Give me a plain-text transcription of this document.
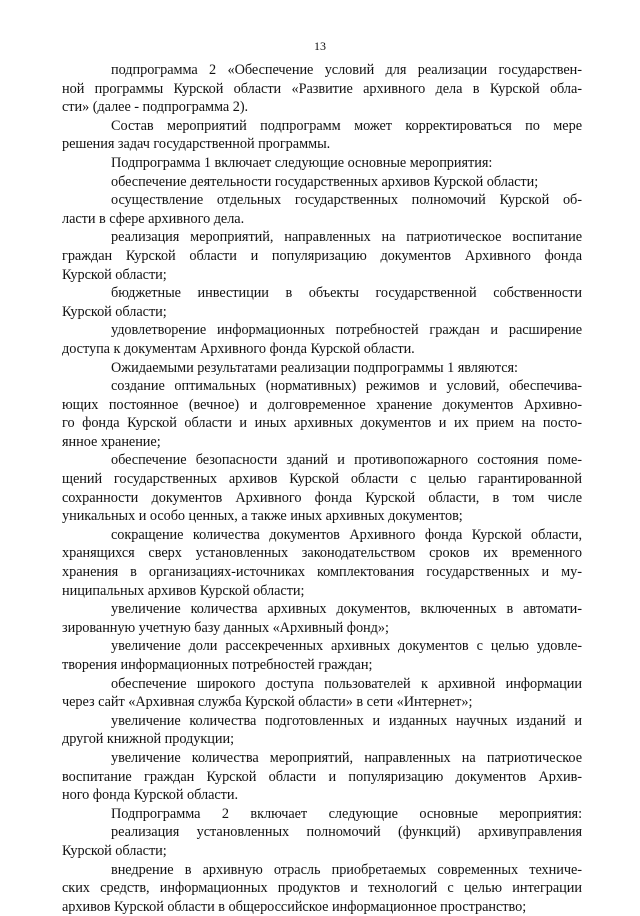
13
подпрограмма 2 «Обеспечение условий для реализации государствен-
ной программы Курской области «Развитие архивного дела в Курской обла-
сти» (далее - подпрограмма 2).
Состав мероприятий подпрограмм может корректироваться по мере
решения задач государственной программы.
Подпрограмма 1 включает следующие основные мероприятия:
обеспечение деятельности государственных архивов Курской области;
осуществление отдельных государственных полномочий Курской об-
ласти в сфере архивного дела.
реализация мероприятий, направленных на патриотическое воспитание
граждан Курской области и популяризацию документов Архивного фонда
Курской области;
бюджетные инвестиции в объекты государственной собственности
Курской области;
удовлетворение информационных потребностей граждан и расширение
доступа к документам Архивного фонда Курской области.
Ожидаемыми результатами реализации подпрограммы 1 являются:
создание оптимальных (нормативных) режимов и условий, обеспечива-
ющих постоянное (вечное) и долговременное хранение документов Архивно-
го фонда Курской области и иных архивных документов и их прием на посто-
янное хранение;
обеспечение безопасности зданий и противопожарного состояния поме-
щений государственных архивов Курской области с целью гарантированной
сохранности документов Архивного фонда Курской области, в том числе
уникальных и особо ценных, а также иных архивных документов;
сокращение количества документов Архивного фонда Курской области,
хранящихся сверх установленных законодательством сроков их временного
хранения в организациях-источниках комплектования государственных и му-
ниципальных архивов Курской области;
увеличение количества архивных документов, включенных в автомати-
зированную учетную базу данных «Архивный фонд»;
увеличение доли рассекреченных архивных документов с целью удовле-
творения информационных потребностей граждан;
обеспечение широкого доступа пользователей к архивной информации
через сайт «Архивная служба Курской области» в сети «Интернет»;
увеличение количества подготовленных и изданных научных изданий и
другой книжной продукции;
увеличение количества мероприятий, направленных на патриотическое
воспитание граждан Курской области и популяризацию документов Архив-
ного фонда Курской области.
Подпрограмма 2 включает следующие основные мероприятия:
реализация установленных полномочий (функций) архивуправления
Курской области;
внедрение в архивную отрасль приобретаемых современных техниче-
ских средств, информационных продуктов и технологий с целью интеграции
архивов Курской области в общероссийское информационное пространство;
